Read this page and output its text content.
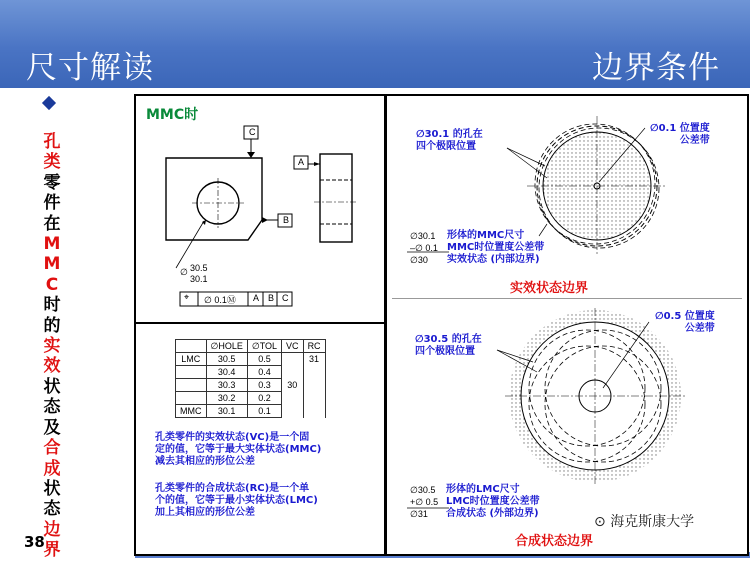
尺寸解读	边界条件
孔
类
零
件
在
M
M
C
时
的
实
效
状
态
及
合
成
状
态
边
界
38
MMC时
C
B
A
∅ 30.5
30.1
⌖ ∅ 0.1Ⓜ A B C
	∅HOLE	∅TOL	VC	RC
LMC	30.5	0.5		31
	30.4	0.4		
	30.3	0.3	30	
	30.2	0.2		
MMC	30.1	0.1		
孔类零件的实效状态(VC)是一个固
定的值，它等于最大实体状态(MMC)
减去其相应的形位公差
孔类零件的合成状态(RC)是一个单
个的值，它等于最小实体状态(LMC)
加上其相应的形位公差
∅30.1 的孔在
四个极限位置
∅0.1 位置度
公差带
∅30.1
–∅ 0.1
∅30
形体的MMC尺寸
MMC时位置度公差带
实效状态 (内部边界)
实效状态边界
∅30.5 的孔在
四个极限位置
∅0.5 位置度
公差带
∅30.5
+∅ 0.5
∅31
形体的LMC尺寸
LMC时位置度公差带
合成状态 (外部边界)
合成状态边界
⊙ 海克斯康大学
